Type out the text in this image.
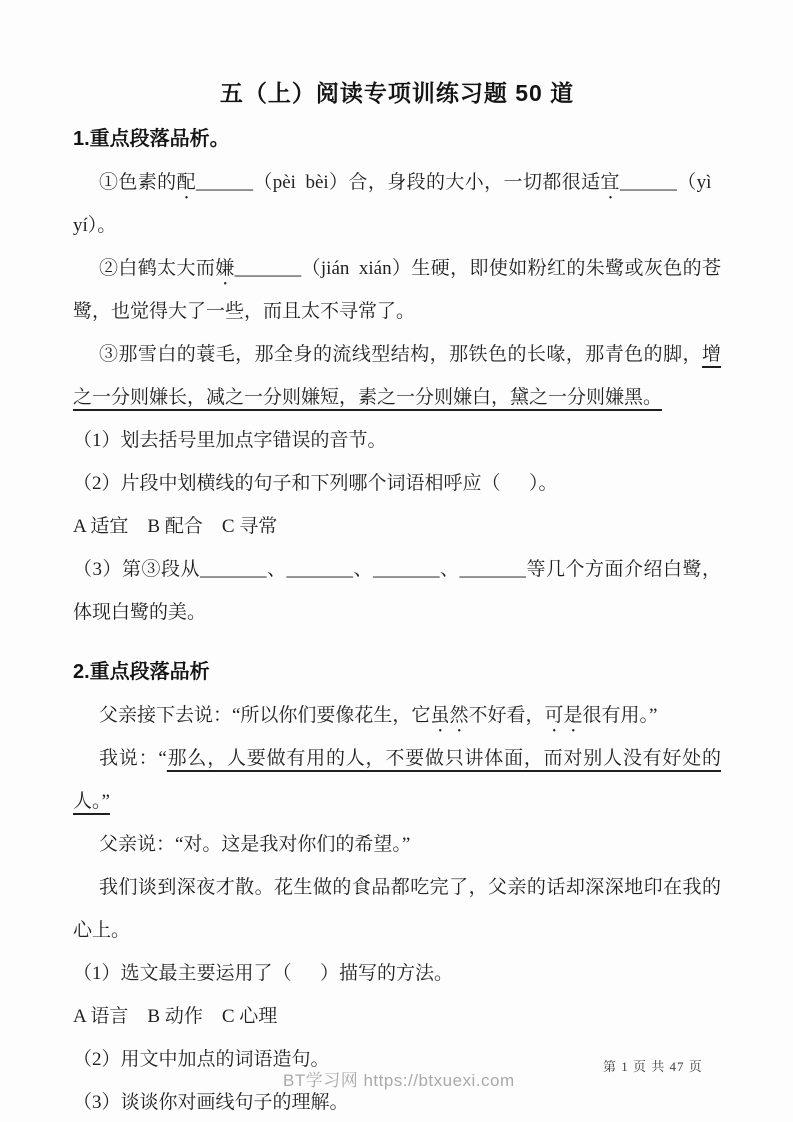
五（上）阅读专项训练习题 50 道
1.重点段落品析。

①色素的配______（pèi bèi）合，身段的大小，一切都很适宜______（yì yí）。

②白鹤太大而嫌_______（jián xián）生硬，即使如粉红的朱鹭或灰色的苍鹭，也觉得大了一些，而且太不寻常了。

③那雪白的蓑毛，那全身的流线型结构，那铁色的长喙，那青色的脚，增之一分则嫌长，减之一分则嫌短，素之一分则嫌白，黛之一分则嫌黑。

（1）划去括号里加点字错误的音节。

（2）片段中划横线的句子和下列哪个词语相呼应（　 ）。

A 适宜　B 配合　C 寻常

（3）第③段从_______、_______、_______、_______等几个方面介绍白鹭，体现白鹭的美。

2.重点段落品析

父亲接下去说：“所以你们要像花生，它虽然不好看，可是很有用。”

我说：“那么，人要做有用的人，不要做只讲体面，而对别人没有好处的人。”

父亲说：“对。这是我对你们的希望。”

我们谈到深夜才散。花生做的食品都吃完了，父亲的话却深深地印在我的心上。

（1）选文最主要运用了（　 ）描写的方法。

A 语言　B 动作　C 心理

（2）用文中加点的词语造句。

（3）谈谈你对画线句子的理解。

BT学习网 https://btxuexi.com
第 1 页 共 47 页
